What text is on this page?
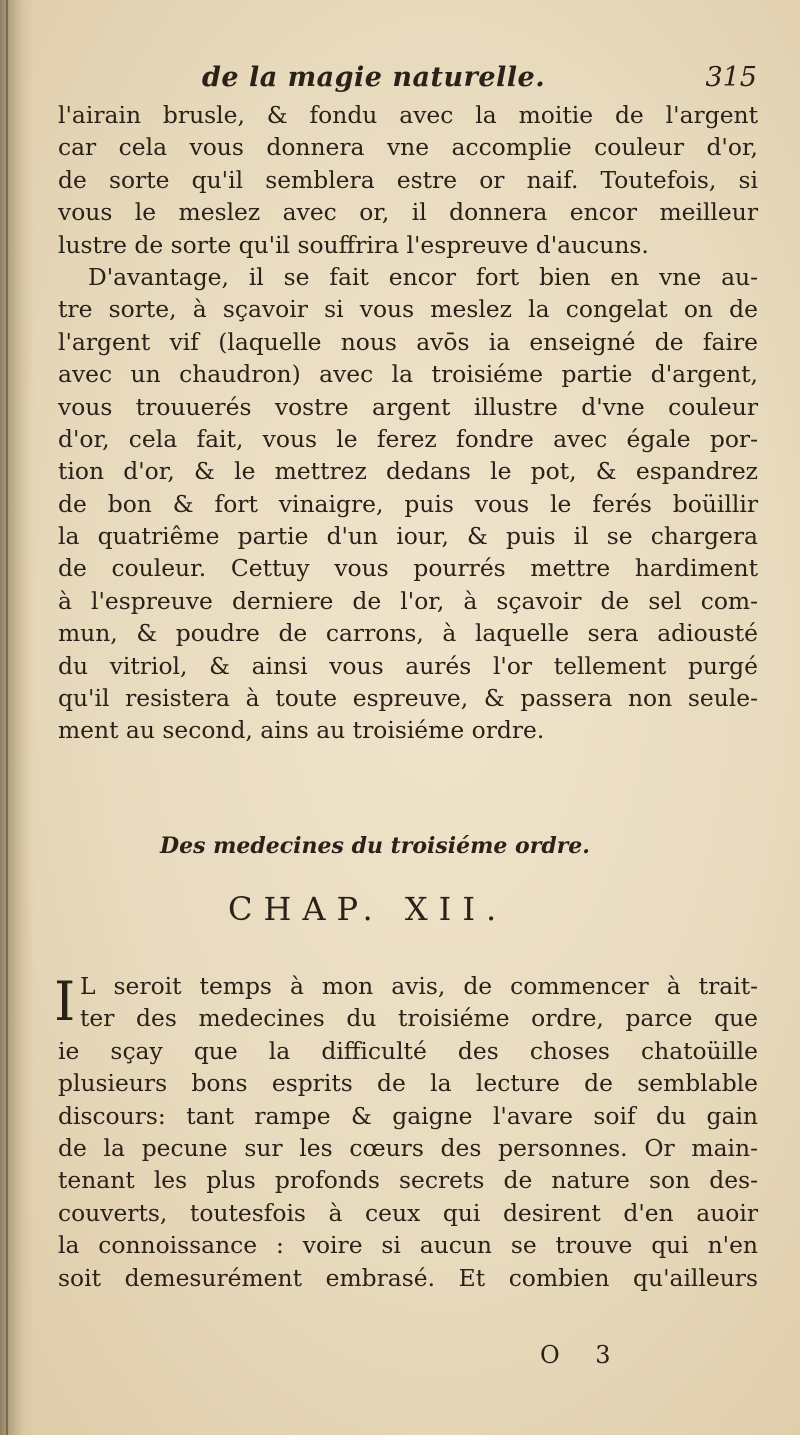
de la magie naturelle.	315
l'airain brusle, & fondu avec la moitie de l'argent
car cela vous donnera vne accomplie couleur d'or,
de sorte qu'il semblera estre or naif. Toutefois, si
vous le meslez avec or, il donnera encor meilleur
lustre de sorte qu'il souffrira l'espreuve d'aucuns.
D'avantage, il se fait encor fort bien en vne au-
tre sorte, à sçavoir si vous meslez la congelat on de
l'argent vif (laquelle nous avōs ia enseigné de faire
avec un chaudron) avec la troisiéme partie d'argent,
vous trouuerés vostre argent illustre d'vne couleur
d'or, cela fait, vous le ferez fondre avec égale por-
tion d'or, & le mettrez dedans le pot, & espandrez
de bon & fort vinaigre, puis vous le ferés boüillir
la quatriême partie d'un iour, & puis il se chargera
de couleur. Cettuy vous pourrés mettre hardiment
à l'espreuve derniere de l'or, à sçavoir de sel com-
mun, & poudre de carrons, à laquelle sera adiousté
du vitriol, & ainsi vous aurés l'or tellement purgé
qu'il resistera à toute espreuve, & passera non seule-
ment au second, ains au troisiéme ordre.
Des medecines du troisiéme ordre.
CHAP. XII.
I L seroit temps à mon avis, de commencer à trait-
ter des medecines du troisiéme ordre, parce que
ie sçay que la difficulté des choses chatoüille
plusieurs bons esprits de la lecture de semblable
discours: tant rampe & gaigne l'avare soif du gain
de la pecune sur les cœurs des personnes. Or main-
tenant les plus profonds secrets de nature son des-
couverts, toutesfois à ceux qui desirent d'en auoir
la connoissance : voire si aucun se trouve qui n'en
soit demesurément embrasé. Et combien qu'ailleurs
O 3
